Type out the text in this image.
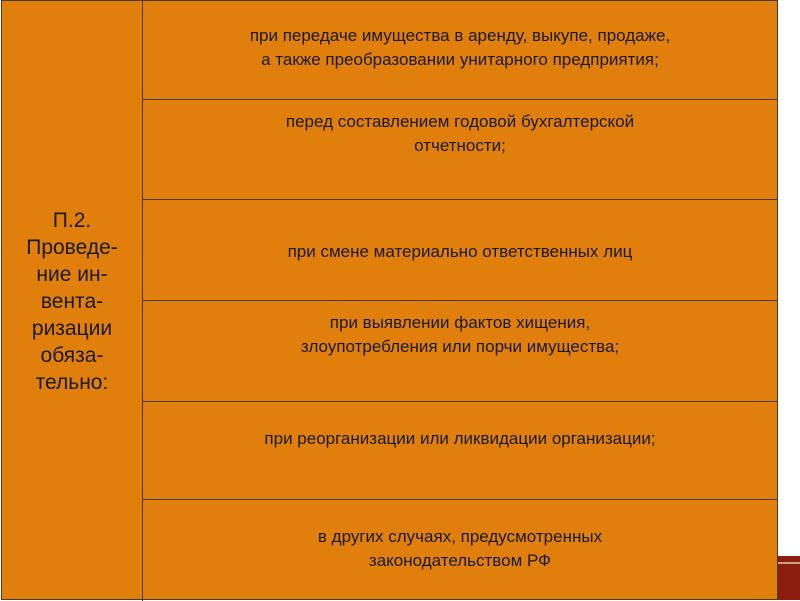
П.2.
Проведе-
ние ин-
вента-
ризации
обяза-
тельно:
при передаче имущества в аренду, выкупе, продаже,
а также преобразовании унитарного предприятия;
перед составлением годовой бухгалтерской
отчетности;
при смене материально ответственных лиц
при выявлении фактов хищения,
злоупотребления или порчи имущества;
при реорганизации или ликвидации организации;
в других случаях, предусмотренных
законодательством РФ
